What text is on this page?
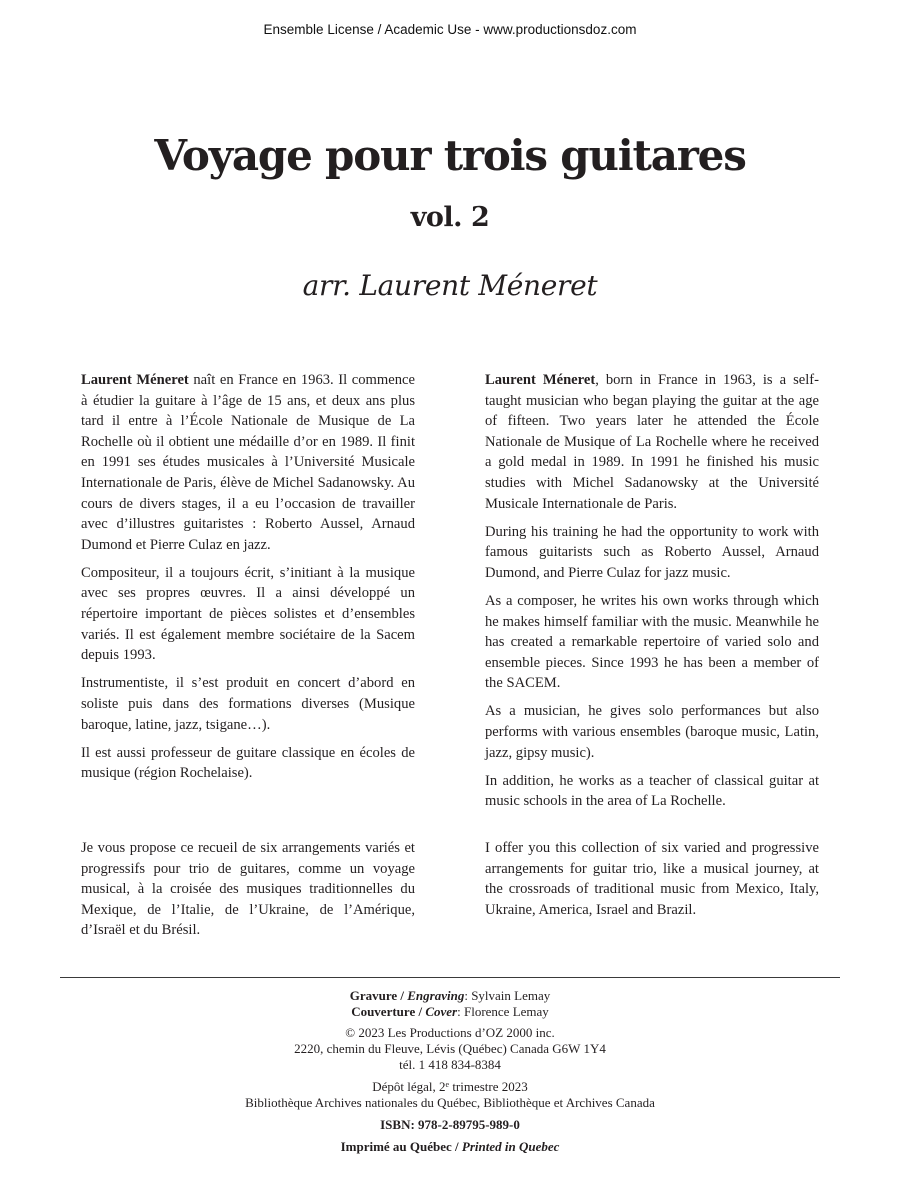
Ensemble License / Academic Use - www.productionsdoz.com
Voyage pour trois guitares
vol. 2
arr. Laurent Méneret

Laurent Méneret naît en France en 1963. Il commence à étudier la guitare à l’âge de 15 ans, et deux ans plus tard il entre à l’École Nationale de Musique de La Rochelle où il obtient une médaille d’or en 1989. Il finit en 1991 ses études musicales à l’Université Musicale Internationale de Paris, élève de Michel Sadanowsky. Au cours de divers stages, il a eu l’occasion de travailler avec d’illustres guitaristes : Roberto Aussel, Arnaud Dumond et Pierre Culaz en jazz.

Compositeur, il a toujours écrit, s’initiant à la musique avec ses propres œuvres. Il a ainsi développé un répertoire important de pièces solistes et d’ensembles variés. Il est également membre sociétaire de la Sacem depuis 1993.

Instrumentiste, il s’est produit en concert d’abord en soliste puis dans des formations diverses (Musique baroque, latine, jazz, tsigane…).

Il est aussi professeur de guitare classique en écoles de musique (région Rochelaise).

Laurent Méneret, born in France in 1963, is a self-taught musician who began playing the guitar at the age of fifteen. Two years later he attended the École Nationale de Musique of La Rochelle where he received a gold medal in 1989. In 1991 he finished his music studies with Michel Sadanowsky at the Université Musicale Internationale de Paris.

During his training he had the opportunity to work with famous guitarists such as Roberto Aussel, Arnaud Dumond, and Pierre Culaz for jazz music.

As a composer, he writes his own works through which he makes himself familiar with the music. Meanwhile he has created a remarkable repertoire of varied solo and ensemble pieces. Since 1993 he has been a member of the SACEM.

As a musician, he gives solo performances but also performs with various ensembles (baroque music, Latin, jazz, gipsy music).

In addition, he works as a teacher of classical guitar at music schools in the area of La Rochelle.

Je vous propose ce recueil de six arrangements variés et progressifs pour trio de guitares, comme un voyage musical, à la croisée des musiques traditionnelles du Mexique, de l’Italie, de l’Ukraine, de l’Amérique, d’Israël et du Brésil.

I offer you this collection of six varied and progressive arrangements for guitar trio, like a musical journey, at the crossroads of traditional music from Mexico, Italy, Ukraine, America, Israel and Brazil.

Gravure / Engraving: Sylvain Lemay
Couverture / Cover: Florence Lemay
© 2023 Les Productions d’OZ 2000 inc.
2220, chemin du Fleuve, Lévis (Québec) Canada G6W 1Y4
tél. 1 418 834-8384
Dépôt légal, 2e trimestre 2023
Bibliothèque Archives nationales du Québec, Bibliothèque et Archives Canada
ISBN: 978-2-89795-989-0
Imprimé au Québec / Printed in Quebec
